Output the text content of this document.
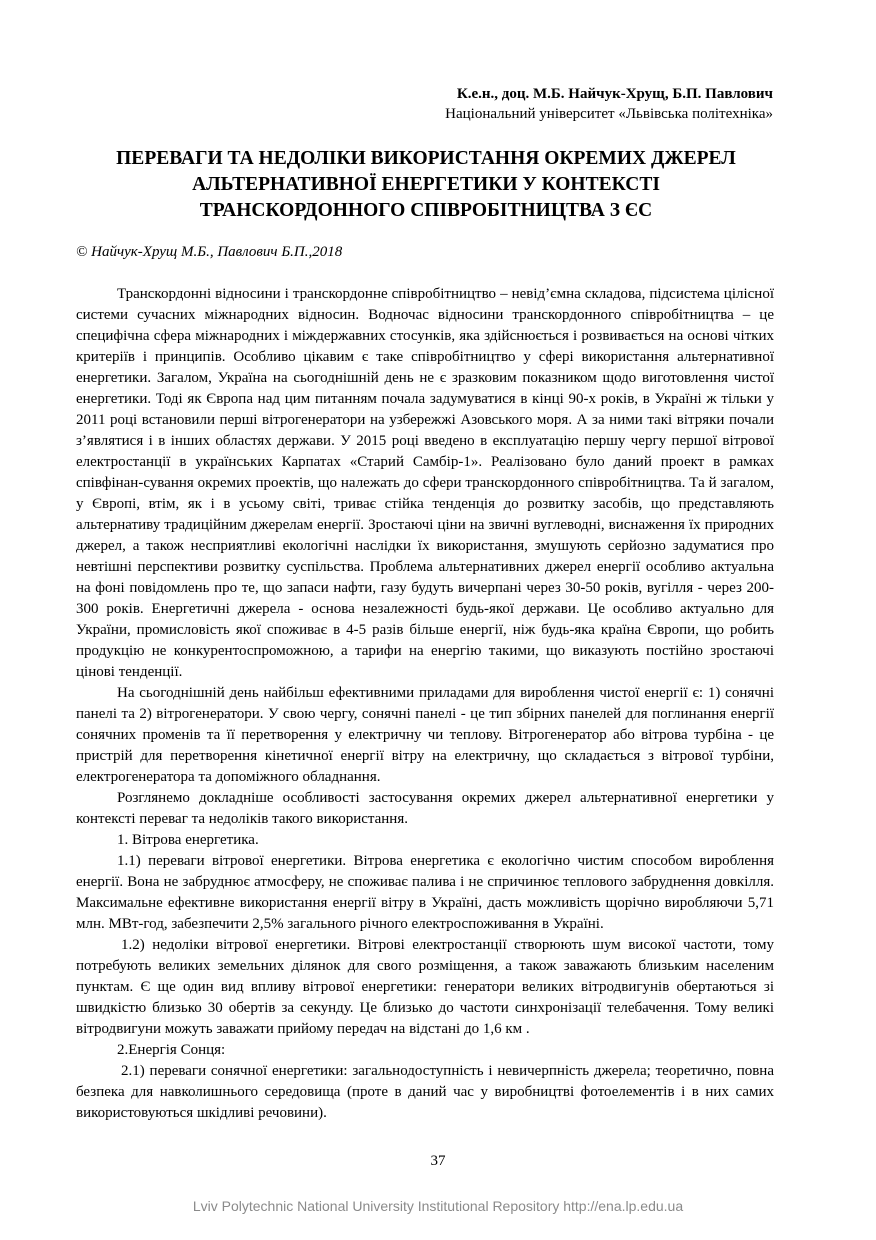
К.е.н., доц. М.Б. Найчук-Хрущ, Б.П. Павлович
Національний університет «Львівська політехніка»
ПЕРЕВАГИ ТА НЕДОЛІКИ ВИКОРИСТАННЯ ОКРЕМИХ ДЖЕРЕЛ
АЛЬТЕРНАТИВНОЇ ЕНЕРГЕТИКИ У КОНТЕКСТІ
ТРАНСКОРДОННОГО СПІВРОБІТНИЦТВА З ЄС
© Найчук-Хрущ М.Б., Павлович Б.П.,2018

Транскордонні відносини і транскордонне співробітництво – невід’ємна складова, підсистема цілісної системи сучасних міжнародних відносин. Водночас відносини транскордонного співробітництва – це специфічна сфера міжнародних і міждержавних стосунків, яка здійснюється і розвивається на основі чітких критеріїв і принципів. Особливо цікавим є таке співробітництво у сфері використання альтернативної енергетики. Загалом, Україна на сьогоднішній день не є зразковим показником щодо виготовлення чистої енергетики. Тоді як Європа над цим питанням почала задумуватися в кінці 90-х років, в Україні ж тільки у 2011 році встановили перші вітрогенератори на узбережжі Азовського моря. А за ними такі вітряки почали з’являтися і в інших областях держави. У 2015 році введено в експлуатацію першу чергу першої вітрової електростанції в українських Карпатах «Старий Самбір-1». Реалізовано було даний проект в рамках співфінан-сування окремих проектів, що належать до сфери транскордонного співробітництва. Та й загалом, у Європі, втім, як і в усьому світі, триває стійка тенденція до розвитку засобів, що представляють альтернативу традиційним джерелам енергії. Зростаючі ціни на звичні вуглеводні, виснаження їх природних джерел, а також несприятливі екологічні наслідки їх використання, змушують серйозно задуматися про невтішні перспективи розвитку суспільства. Проблема альтернативних джерел енергії особливо актуальна на фоні повідомлень про те, що запаси нафти, газу будуть вичерпані через 30-50 років, вугілля - через 200-300 років. Енергетичні джерела - основа незалежності будь-якої держави. Це особливо актуально для України, промисловість якої споживає в 4-5 разів більше енергії, ніж будь-яка країна Європи, що робить продукцію не конкурентоспроможною, а тарифи на енергію такими, що виказують постійно зростаючі цінові тенденції.

На сьогоднішній день найбільш ефективними приладами для вироблення чистої енергії є: 1) сонячні панелі та 2) вітрогенератори. У свою чергу, сонячні панелі - це тип збірних панелей для поглинання енергії сонячних променів та її перетворення у електричну чи теплову. Вітрогенератор або вітрова турбіна - це пристрій для перетворення кінетичної енергії вітру на електричну, що складається з вітрової турбіни, електрогенератора та допоміжного обладнання.

Розглянемо докладніше особливості застосування окремих джерел альтернативної енергетики у контексті переваг та недоліків такого використання.

1. Вітрова енергетика.

1.1) переваги вітрової енергетики. Вітрова енергетика є екологічно чистим способом вироблення енергії. Вона не забруднює атмосферу, не споживає палива і не спричинює теплового забруднення довкілля. Максимальне ефективне використання енергії вітру в Україні, дасть можливість щорічно виробляючи 5,71 млн. МВт-год, забезпечити 2,5% загального річного електроспоживання в Україні.

1.2) недоліки вітрової енергетики. Вітрові електростанції створюють шум високої частоти, тому потребують великих земельних ділянок для свого розміщення, а також заважають близьким населеним пунктам. Є ще один вид впливу вітрової енергетики: генератори великих вітродвигунів обертаються зі швидкістю близько 30 обертів за секунду. Це близько до частоти синхронізації телебачення. Тому великі вітродвигуни можуть заважати прийому передач на відстані до 1,6 км .

2.Енергія Сонця:

2.1) переваги сонячної енергетики: загальнодоступність і невичерпність джерела; теоретично, повна безпека для навколишнього середовища (проте в даний час у виробництві фотоелементів і в них самих використовуються шкідливі речовини).

37
Lviv Polytechnic National University Institutional Repository http://ena.lp.edu.ua
